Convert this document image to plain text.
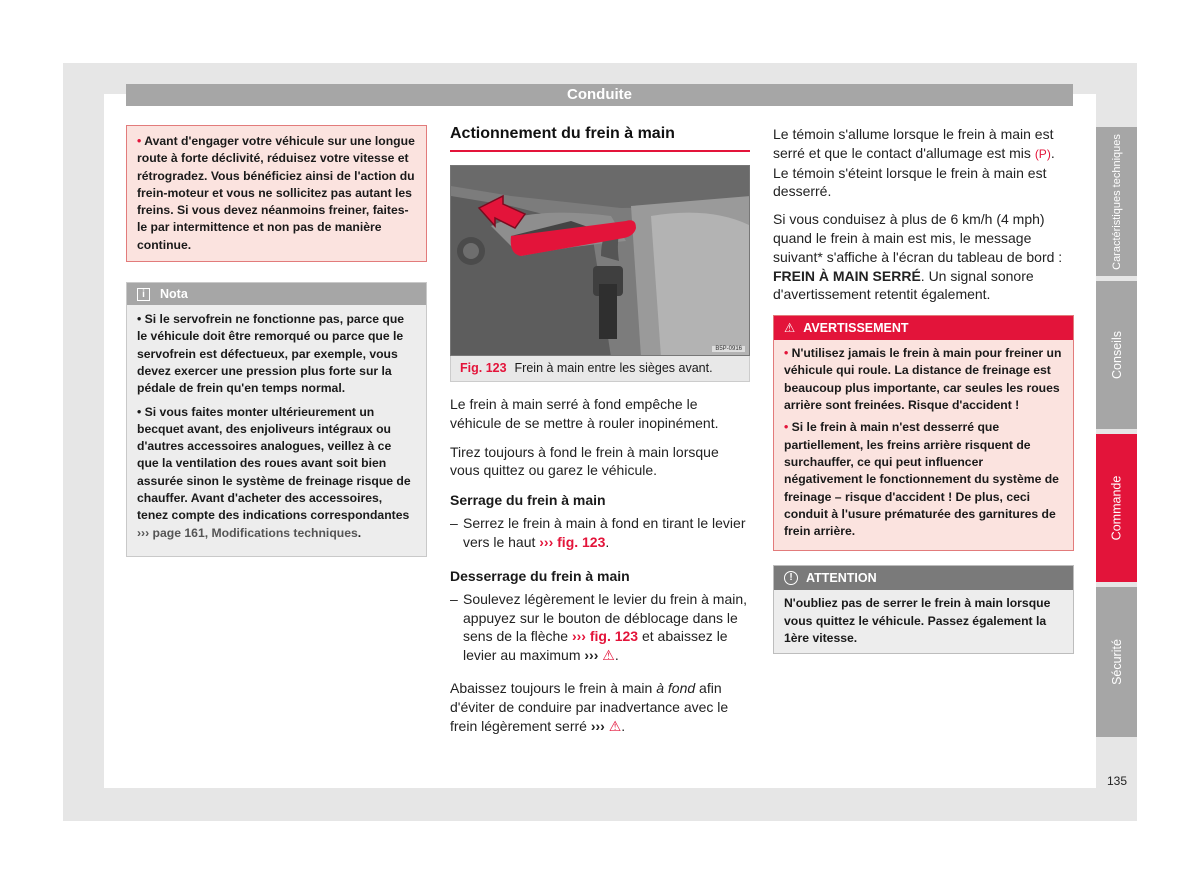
Conduite
Caractéristiques techniques
Conseils
Commande
Sécurité
135
• Avant d'engager votre véhicule sur une longue route à forte déclivité, réduisez votre vitesse et rétrogradez. Vous bénéficiez ainsi de l'action du frein-moteur et vous ne sollicitez pas autant les freins. Si vous devez néanmoins freiner, faites-le par intermittence et non pas de manière continue.
i	Nota

• Si le servofrein ne fonctionne pas, parce que le véhicule doit être remorqué ou parce que le servofrein est défectueux, par exemple, vous devez exercer une pression plus forte sur la pédale de frein qu'en temps normal.

• Si vous faites monter ultérieurement un becquet avant, des enjoliveurs intégraux ou d'autres accessoires analogues, veillez à ce que la ventilation des roues avant soit bien assurée sinon le système de freinage risque de chauffer. Avant d'acheter des accessoires, tenez compte des indications correspondantes ››› page 161, Modifications techniques.

Actionnement du frein à main
B5P-0916
Fig. 123 Frein à main entre les sièges avant.

Le frein à main serré à fond empêche le véhicule de se mettre à rouler inopinément.

Tirez toujours à fond le frein à main lorsque vous quittez ou garez le véhicule.

Serrage du frein à main
– Serrez le frein à main à fond en tirant le levier vers le haut ››› fig. 123.
Desserrage du frein à main
– Soulevez légèrement le levier du frein à main, appuyez sur le bouton de déblocage dans le sens de la flèche ››› fig. 123 et abaissez le levier au maximum ››› ⚠.

Abaissez toujours le frein à main à fond afin d'éviter de conduire par inadvertance avec le frein légèrement serré ››› ⚠.

Le témoin s'allume lorsque le frein à main est serré et que le contact d'allumage est mis (P). Le témoin s'éteint lorsque le frein à main est desserré.

Si vous conduisez à plus de 6 km/h (4 mph) quand le frein à main est mis, le message suivant* s'affiche à l'écran du tableau de bord : FREIN À MAIN SERRÉ. Un signal sonore d'avertissement retentit également.

⚠ AVERTISSEMENT

• N'utilisez jamais le frein à main pour freiner un véhicule qui roule. La distance de freinage est beaucoup plus importante, car seules les roues arrière sont freinées. Risque d'accident !

• Si le frein à main n'est desserré que partiellement, les freins arrière risquent de surchauffer, ce qui peut influencer négativement le fonctionnement du système de freinage – risque d'accident ! De plus, ceci conduit à l'usure prématurée des garnitures de frein arrière.

!	ATTENTION
N'oubliez pas de serrer le frein à main lorsque vous quittez le véhicule. Passez également la 1ère vitesse.
